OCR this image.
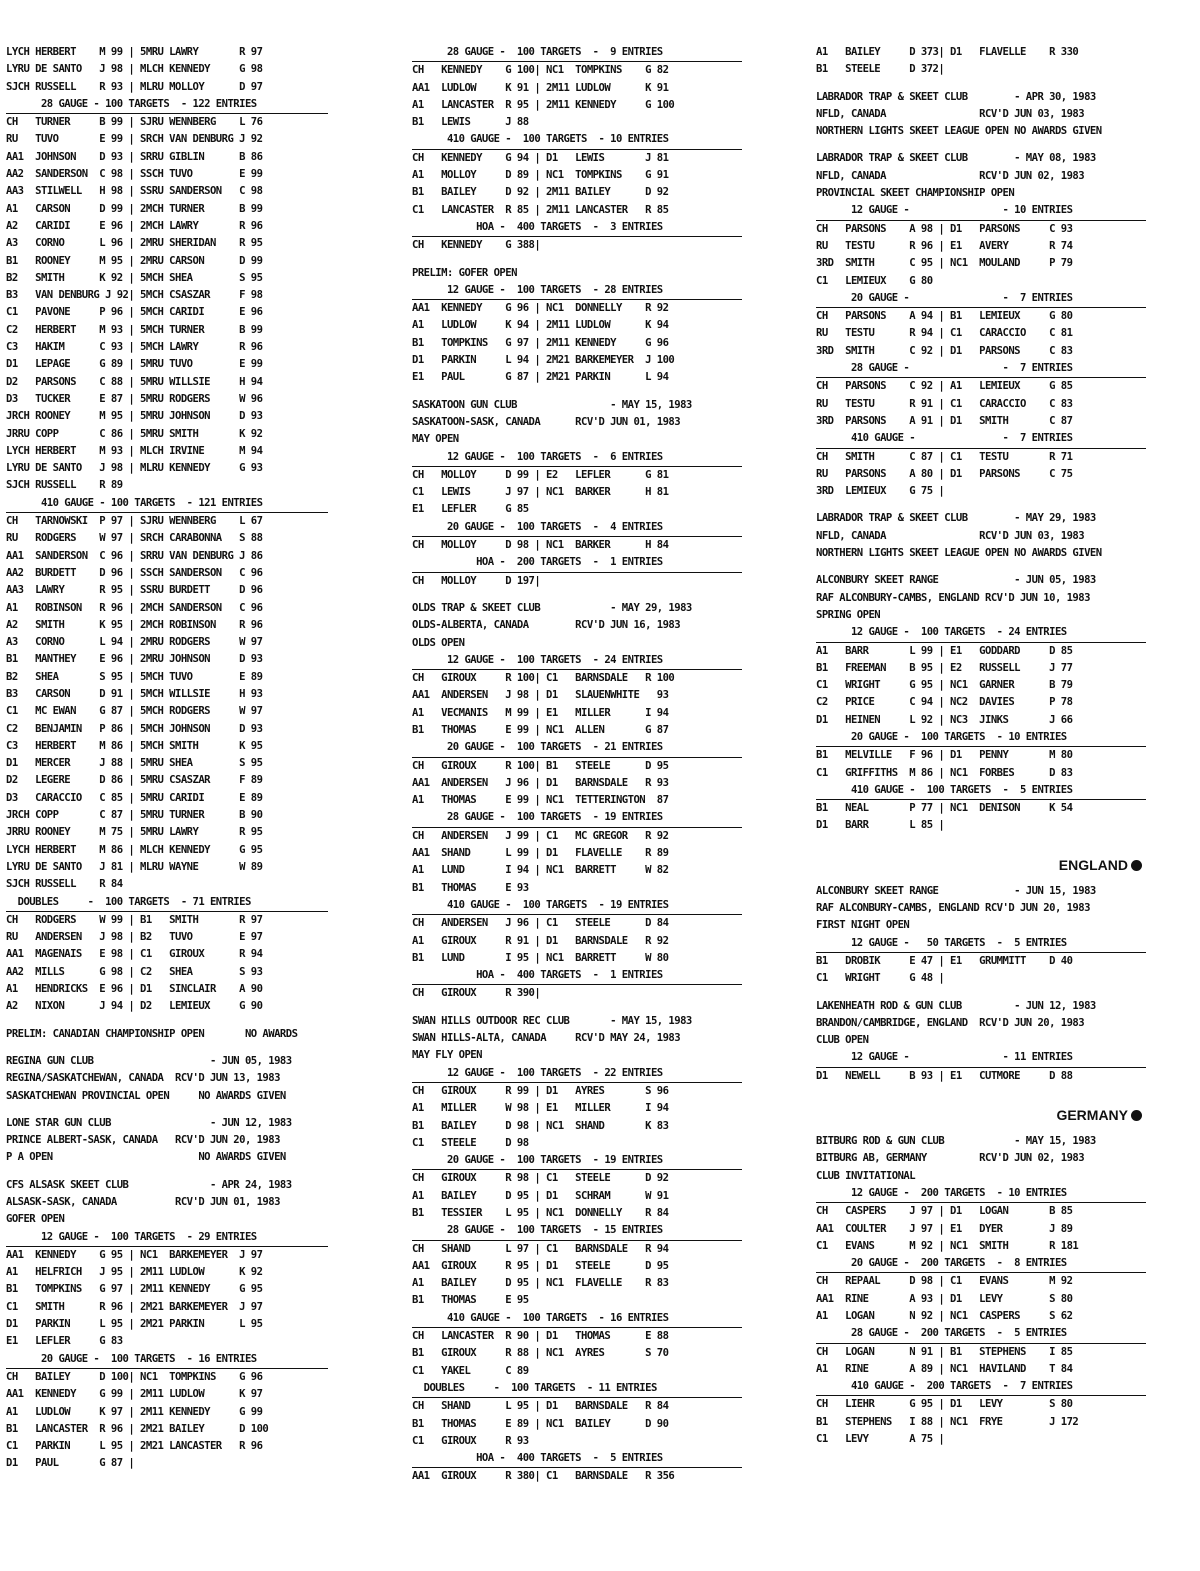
LYCH HERBERT    M 99 | 5MRU LAWRY       R 97
LYRU DE SANTO   J 98 | MLCH KENNEDY     G 98
SJCH RUSSELL    R 93 | MLRU MOLLOY      D 97
28 GAUGE - 100 TARGETS  - 122 ENTRIES
CH   TURNER     B 99 | SJRU WENNBERG    L 76
RU   TUVO       E 99 | SRCH VAN DENBURG J 92
AA1  JOHNSON    D 93 | SRRU GIBLIN      B 86
AA2  SANDERSON  C 98 | SSCH TUVO        E 99
AA3  STILWELL   H 98 | SSRU SANDERSON   C 98
A1   CARSON     D 99 | 2MCH TURNER      B 99
A2   CARIDI     E 96 | 2MCH LAWRY       R 96
A3   CORNO      L 96 | 2MRU SHERIDAN    R 95
B1   ROONEY     M 95 | 2MRU CARSON      D 99
B2   SMITH      K 92 | 5MCH SHEA        S 95
B3   VAN DENBURG J 92| 5MCH CSASZAR     F 98
C1   PAVONE     P 96 | 5MCH CARIDI      E 96
C2   HERBERT    M 93 | 5MCH TURNER      B 99
C3   HAKIM      C 93 | 5MCH LAWRY       R 96
D1   LEPAGE     G 89 | 5MRU TUVO        E 99
D2   PARSONS    C 88 | 5MRU WILLSIE     H 94
D3   TUCKER     E 87 | 5MRU RODGERS     W 96
JRCH ROONEY     M 95 | 5MRU JOHNSON     D 93
JRRU COPP       C 86 | 5MRU SMITH       K 92
LYCH HERBERT    M 93 | MLCH IRVINE      M 94
LYRU DE SANTO   J 98 | MLRU KENNEDY     G 93
SJCH RUSSELL    R 89
410 GAUGE - 100 TARGETS  - 121 ENTRIES
CH   TARNOWSKI  P 97 | SJRU WENNBERG    L 67
RU   RODGERS    W 97 | SRCH CARABONNA   S 88
AA1  SANDERSON  C 96 | SRRU VAN DENBURG J 86
AA2  BURDETT    D 96 | SSCH SANDERSON   C 96
AA3  LAWRY      R 95 | SSRU BURDETT     D 96
A1   ROBINSON   R 96 | 2MCH SANDERSON   C 96
A2   SMITH      K 95 | 2MCH ROBINSON    R 96
A3   CORNO      L 94 | 2MRU RODGERS     W 97
B1   MANTHEY    E 96 | 2MRU JOHNSON     D 93
B2   SHEA       S 95 | 5MCH TUVO        E 89
B3   CARSON     D 91 | 5MCH WILLSIE     H 93
C1   MC EWAN    G 87 | 5MCH RODGERS     W 97
C2   BENJAMIN   P 86 | 5MCH JOHNSON     D 93
C3   HERBERT    M 86 | 5MCH SMITH       K 95
D1   MERCER     J 88 | 5MRU SHEA        S 95
D2   LEGERE     D 86 | 5MRU CSASZAR     F 89
D3   CARACCIO   C 85 | 5MRU CARIDI      E 89
JRCH COPP       C 87 | 5MRU TURNER      B 90
JRRU ROONEY     M 75 | 5MRU LAWRY       R 95
LYCH HERBERT    M 86 | MLCH KENNEDY     G 95
LYRU DE SANTO   J 81 | MLRU WAYNE       W 89
SJCH RUSSELL    R 84
DOUBLES     -  100 TARGETS  - 71 ENTRIES
CH   RODGERS    W 99 | B1   SMITH       R 97
RU   ANDERSEN   J 98 | B2   TUVO        E 97
AA1  MAGENAIS   E 98 | C1   GIROUX      R 94
AA2  MILLS      G 98 | C2   SHEA        S 93
A1   HENDRICKS  E 96 | D1   SINCLAIR    A 90
A2   NIXON      J 94 | D2   LEMIEUX     G 90
PRELIM: CANADIAN CHAMPIONSHIP OPEN       NO AWARDS
REGINA GUN CLUB                    - JUN 05, 1983
REGINA/SASKATCHEWAN, CANADA  RCV'D JUN 13, 1983
SASKATCHEWAN PROVINCIAL OPEN     NO AWARDS GIVEN
LONE STAR GUN CLUB                 - JUN 12, 1983
PRINCE ALBERT-SASK, CANADA   RCV'D JUN 20, 1983
P A OPEN                         NO AWARDS GIVEN
CFS ALSASK SKEET CLUB              - APR 24, 1983
ALSASK-SASK, CANADA          RCV'D JUN 01, 1983
GOFER OPEN
12 GAUGE -  100 TARGETS  - 29 ENTRIES
AA1  KENNEDY    G 95 | NC1  BARKEMEYER  J 97
A1   HELFRICH   J 95 | 2M11 LUDLOW      K 92
B1   TOMPKINS   G 97 | 2M11 KENNEDY     G 95
C1   SMITH      R 96 | 2M21 BARKEMEYER  J 97
D1   PARKIN     L 95 | 2M21 PARKIN      L 95
E1   LEFLER     G 83
20 GAUGE -  100 TARGETS  - 16 ENTRIES
CH   BAILEY     D 100| NC1  TOMPKINS    G 96
AA1  KENNEDY    G 99 | 2M11 LUDLOW      K 97
A1   LUDLOW     K 97 | 2M11 KENNEDY     G 99
B1   LANCASTER  R 96 | 2M21 BAILEY      D 100
C1   PARKIN     L 95 | 2M21 LANCASTER   R 96
D1   PAUL       G 87 |
28 GAUGE -  100 TARGETS  -  9 ENTRIES
CH   KENNEDY    G 100| NC1  TOMPKINS    G 82
AA1  LUDLOW     K 91 | 2M11 LUDLOW      K 91
A1   LANCASTER  R 95 | 2M11 KENNEDY     G 100
B1   LEWIS      J 88
410 GAUGE -  100 TARGETS  - 10 ENTRIES
CH   KENNEDY    G 94 | D1   LEWIS       J 81
A1   MOLLOY     D 89 | NC1  TOMPKINS    G 91
B1   BAILEY     D 92 | 2M11 BAILEY      D 92
C1   LANCASTER  R 85 | 2M11 LANCASTER   R 85
HOA -  400 TARGETS  -  3 ENTRIES
CH   KENNEDY    G 388|
PRELIM: GOFER OPEN
12 GAUGE -  100 TARGETS  - 28 ENTRIES
AA1  KENNEDY    G 96 | NC1  DONNELLY    R 92
A1   LUDLOW     K 94 | 2M11 LUDLOW      K 94
B1   TOMPKINS   G 97 | 2M11 KENNEDY     G 96
D1   PARKIN     L 94 | 2M21 BARKEMEYER  J 100
E1   PAUL       G 87 | 2M21 PARKIN      L 94
SASKATOON GUN CLUB                - MAY 15, 1983
SASKATOON-SASK, CANADA      RCV'D JUN 01, 1983
MAY OPEN
12 GAUGE -  100 TARGETS  -  6 ENTRIES
CH   MOLLOY     D 99 | E2   LEFLER      G 81
C1   LEWIS      J 97 | NC1  BARKER      H 81
E1   LEFLER     G 85
20 GAUGE -  100 TARGETS  -  4 ENTRIES
CH   MOLLOY     D 98 | NC1  BARKER      H 84
HOA -  200 TARGETS  -  1 ENTRIES
CH   MOLLOY     D 197|
OLDS TRAP & SKEET CLUB            - MAY 29, 1983
OLDS-ALBERTA, CANADA        RCV'D JUN 16, 1983
OLDS OPEN
12 GAUGE -  100 TARGETS  - 24 ENTRIES
CH   GIROUX     R 100| C1   BARNSDALE   R 100
AA1  ANDERSEN   J 98 | D1   SLAUENWHITE   93
A1   VECMANIS   M 99 | E1   MILLER      I 94
B1   THOMAS     E 99 | NC1  ALLEN       G 87
20 GAUGE -  100 TARGETS  - 21 ENTRIES
CH   GIROUX     R 100| B1   STEELE      D 95
AA1  ANDERSEN   J 96 | D1   BARNSDALE   R 93
A1   THOMAS     E 99 | NC1  TETTERINGTON  87
28 GAUGE -  100 TARGETS  - 19 ENTRIES
CH   ANDERSEN   J 99 | C1   MC GREGOR   R 92
AA1  SHAND      L 99 | D1   FLAVELLE    R 89
A1   LUND       I 94 | NC1  BARRETT     W 82
B1   THOMAS     E 93
410 GAUGE -  100 TARGETS  - 19 ENTRIES
CH   ANDERSEN   J 96 | C1   STEELE      D 84
A1   GIROUX     R 91 | D1   BARNSDALE   R 92
B1   LUND       I 95 | NC1  BARRETT     W 80
HOA -  400 TARGETS  -  1 ENTRIES
CH   GIROUX     R 390|
SWAN HILLS OUTDOOR REC CLUB       - MAY 15, 1983
SWAN HILLS-ALTA, CANADA     RCV'D MAY 24, 1983
MAY FLY OPEN
12 GAUGE -  100 TARGETS  - 22 ENTRIES
CH   GIROUX     R 99 | D1   AYRES       S 96
A1   MILLER     W 98 | E1   MILLER      I 94
B1   BAILEY     D 98 | NC1  SHAND       K 83
C1   STEELE     D 98
20 GAUGE -  100 TARGETS  - 19 ENTRIES
CH   GIROUX     R 98 | C1   STEELE      D 92
A1   BAILEY     D 95 | D1   SCHRAM      W 91
B1   TESSIER    L 95 | NC1  DONNELLY    R 84
28 GAUGE -  100 TARGETS  - 15 ENTRIES
CH   SHAND      L 97 | C1   BARNSDALE   R 94
AA1  GIROUX     R 95 | D1   STEELE      D 95
A1   BAILEY     D 95 | NC1  FLAVELLE    R 83
B1   THOMAS     E 95
410 GAUGE -  100 TARGETS  - 16 ENTRIES
CH   LANCASTER  R 90 | D1   THOMAS      E 88
B1   GIROUX     R 88 | NC1  AYRES       S 70
C1   YAKEL      C 89
DOUBLES     -  100 TARGETS  - 11 ENTRIES
CH   SHAND      L 95 | D1   BARNSDALE   R 84
B1   THOMAS     E 89 | NC1  BAILEY      D 90
C1   GIROUX     R 93
HOA -  400 TARGETS  -  5 ENTRIES
AA1  GIROUX     R 380| C1   BARNSDALE   R 356
A1   BAILEY     D 373| D1   FLAVELLE    R 330
B1   STEELE     D 372|
LABRADOR TRAP & SKEET CLUB        - APR 30, 1983
NFLD, CANADA                RCV'D JUN 03, 1983
NORTHERN LIGHTS SKEET LEAGUE OPEN NO AWARDS GIVEN
LABRADOR TRAP & SKEET CLUB        - MAY 08, 1983
NFLD, CANADA                RCV'D JUN 02, 1983
PROVINCIAL SKEET CHAMPIONSHIP OPEN
12 GAUGE -                - 10 ENTRIES
CH   PARSONS    A 98 | D1   PARSONS     C 93
RU   TESTU      R 96 | E1   AVERY       R 74
3RD  SMITH      C 95 | NC1  MOULAND     P 79
C1   LEMIEUX    G 80
20 GAUGE -                -  7 ENTRIES
CH   PARSONS    A 94 | B1   LEMIEUX     G 80
RU   TESTU      R 94 | C1   CARACCIO    C 81
3RD  SMITH      C 92 | D1   PARSONS     C 83
28 GAUGE -                -  7 ENTRIES
CH   PARSONS    C 92 | A1   LEMIEUX     G 85
RU   TESTU      R 91 | C1   CARACCIO    C 83
3RD  PARSONS    A 91 | D1   SMITH       C 87
410 GAUGE -               -  7 ENTRIES
CH   SMITH      C 87 | C1   TESTU       R 71
RU   PARSONS    A 80 | D1   PARSONS     C 75
3RD  LEMIEUX    G 75 |
LABRADOR TRAP & SKEET CLUB        - MAY 29, 1983
NFLD, CANADA                RCV'D JUN 03, 1983
NORTHERN LIGHTS SKEET LEAGUE OPEN NO AWARDS GIVEN
ALCONBURY SKEET RANGE             - JUN 05, 1983
RAF ALCONBURY-CAMBS, ENGLAND RCV'D JUN 10, 1983
SPRING OPEN
12 GAUGE -  100 TARGETS  - 24 ENTRIES
A1   BARR       L 99 | E1   GODDARD     D 85
B1   FREEMAN    B 95 | E2   RUSSELL     J 77
C1   WRIGHT     G 95 | NC1  GARNER      B 79
C2   PRICE      C 94 | NC2  DAVIES      P 78
D1   HEINEN     L 92 | NC3  JINKS       J 66
20 GAUGE -  100 TARGETS  - 10 ENTRIES
B1   MELVILLE   F 96 | D1   PENNY       M 80
C1   GRIFFITHS  M 86 | NC1  FORBES      D 83
410 GAUGE -  100 TARGETS  -  5 ENTRIES
B1   NEAL       P 77 | NC1  DENISON     K 54
D1   BARR       L 85 |
ENGLAND
ALCONBURY SKEET RANGE             - JUN 15, 1983
RAF ALCONBURY-CAMBS, ENGLAND RCV'D JUN 20, 1983
FIRST NIGHT OPEN
12 GAUGE -   50 TARGETS  -  5 ENTRIES
B1   DROBIK     E 47 | E1   GRUMMITT    D 40
C1   WRIGHT     G 48 |
LAKENHEATH ROD & GUN CLUB         - JUN 12, 1983
BRANDON/CAMBRIDGE, ENGLAND  RCV'D JUN 20, 1983
CLUB OPEN
12 GAUGE -                - 11 ENTRIES
D1   NEWELL     B 93 | E1   CUTMORE     D 88
GERMANY
BITBURG ROD & GUN CLUB            - MAY 15, 1983
BITBURG AB, GERMANY         RCV'D JUN 02, 1983
CLUB INVITATIONAL
12 GAUGE -  200 TARGETS  - 10 ENTRIES
CH   CASPERS    J 97 | D1   LOGAN       B 85
AA1  COULTER    J 97 | E1   DYER        J 89
C1   EVANS      M 92 | NC1  SMITH       R 181
20 GAUGE -  200 TARGETS  -  8 ENTRIES
CH   REPAAL     D 98 | C1   EVANS       M 92
AA1  RINE       A 93 | D1   LEVY        S 80
A1   LOGAN      N 92 | NC1  CASPERS     S 62
28 GAUGE -  200 TARGETS  -  5 ENTRIES
CH   LOGAN      N 91 | B1   STEPHENS    I 85
A1   RINE       A 89 | NC1  HAVILAND    T 84
410 GAUGE -  200 TARGETS  -  7 ENTRIES
CH   LIEHR      G 95 | D1   LEVY        S 80
B1   STEPHENS   I 88 | NC1  FRYE        J 172
C1   LEVY       A 75 |
